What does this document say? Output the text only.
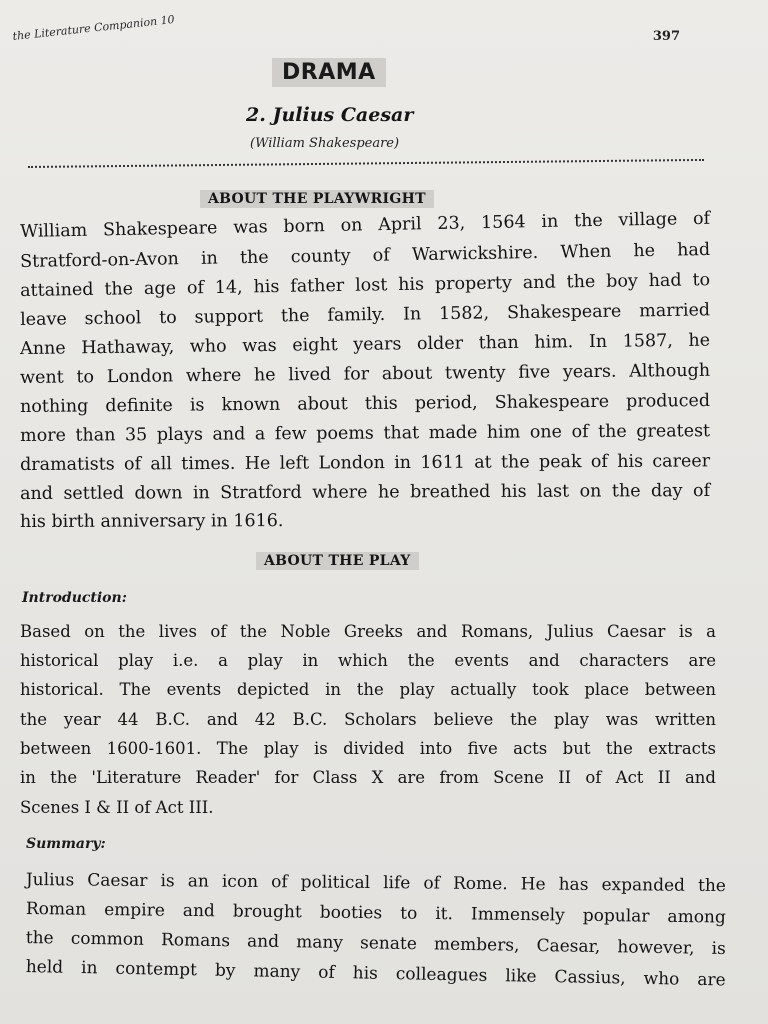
the Literature Companion 10	397
DRAMA
2. Julius Caesar
(William Shakespeare)
ABOUT THE PLAYWRIGHT
William Shakespeare was born on April 23, 1564 in the village of
Stratford-on-Avon in the county of Warwickshire. When he had
attained the age of 14, his father lost his property and the boy had to
leave school to support the family. In 1582, Shakespeare married
Anne Hathaway, who was eight years older than him. In 1587, he
went to London where he lived for about twenty five years. Although
nothing definite is known about this period, Shakespeare produced
more than 35 plays and a few poems that made him one of the greatest
dramatists of all times. He left London in 1611 at the peak of his career
and settled down in Stratford where he breathed his last on the day of
his birth anniversary in 1616.
ABOUT THE PLAY
Introduction:
Based on the lives of the Noble Greeks and Romans, Julius Caesar is a
historical play i.e. a play in which the events and characters are
historical. The events depicted in the play actually took place between
the year 44 B.C. and 42 B.C. Scholars believe the play was written
between 1600-1601. The play is divided into five acts but the extracts
in the 'Literature Reader' for Class X are from Scene II of Act II and
Scenes I & II of Act III.
Summary:
Julius Caesar is an icon of political life of Rome. He has expanded the
Roman empire and brought booties to it. Immensely popular among
the common Romans and many senate members, Caesar, however, is
held in contempt by many of his colleagues like Cassius, who are
